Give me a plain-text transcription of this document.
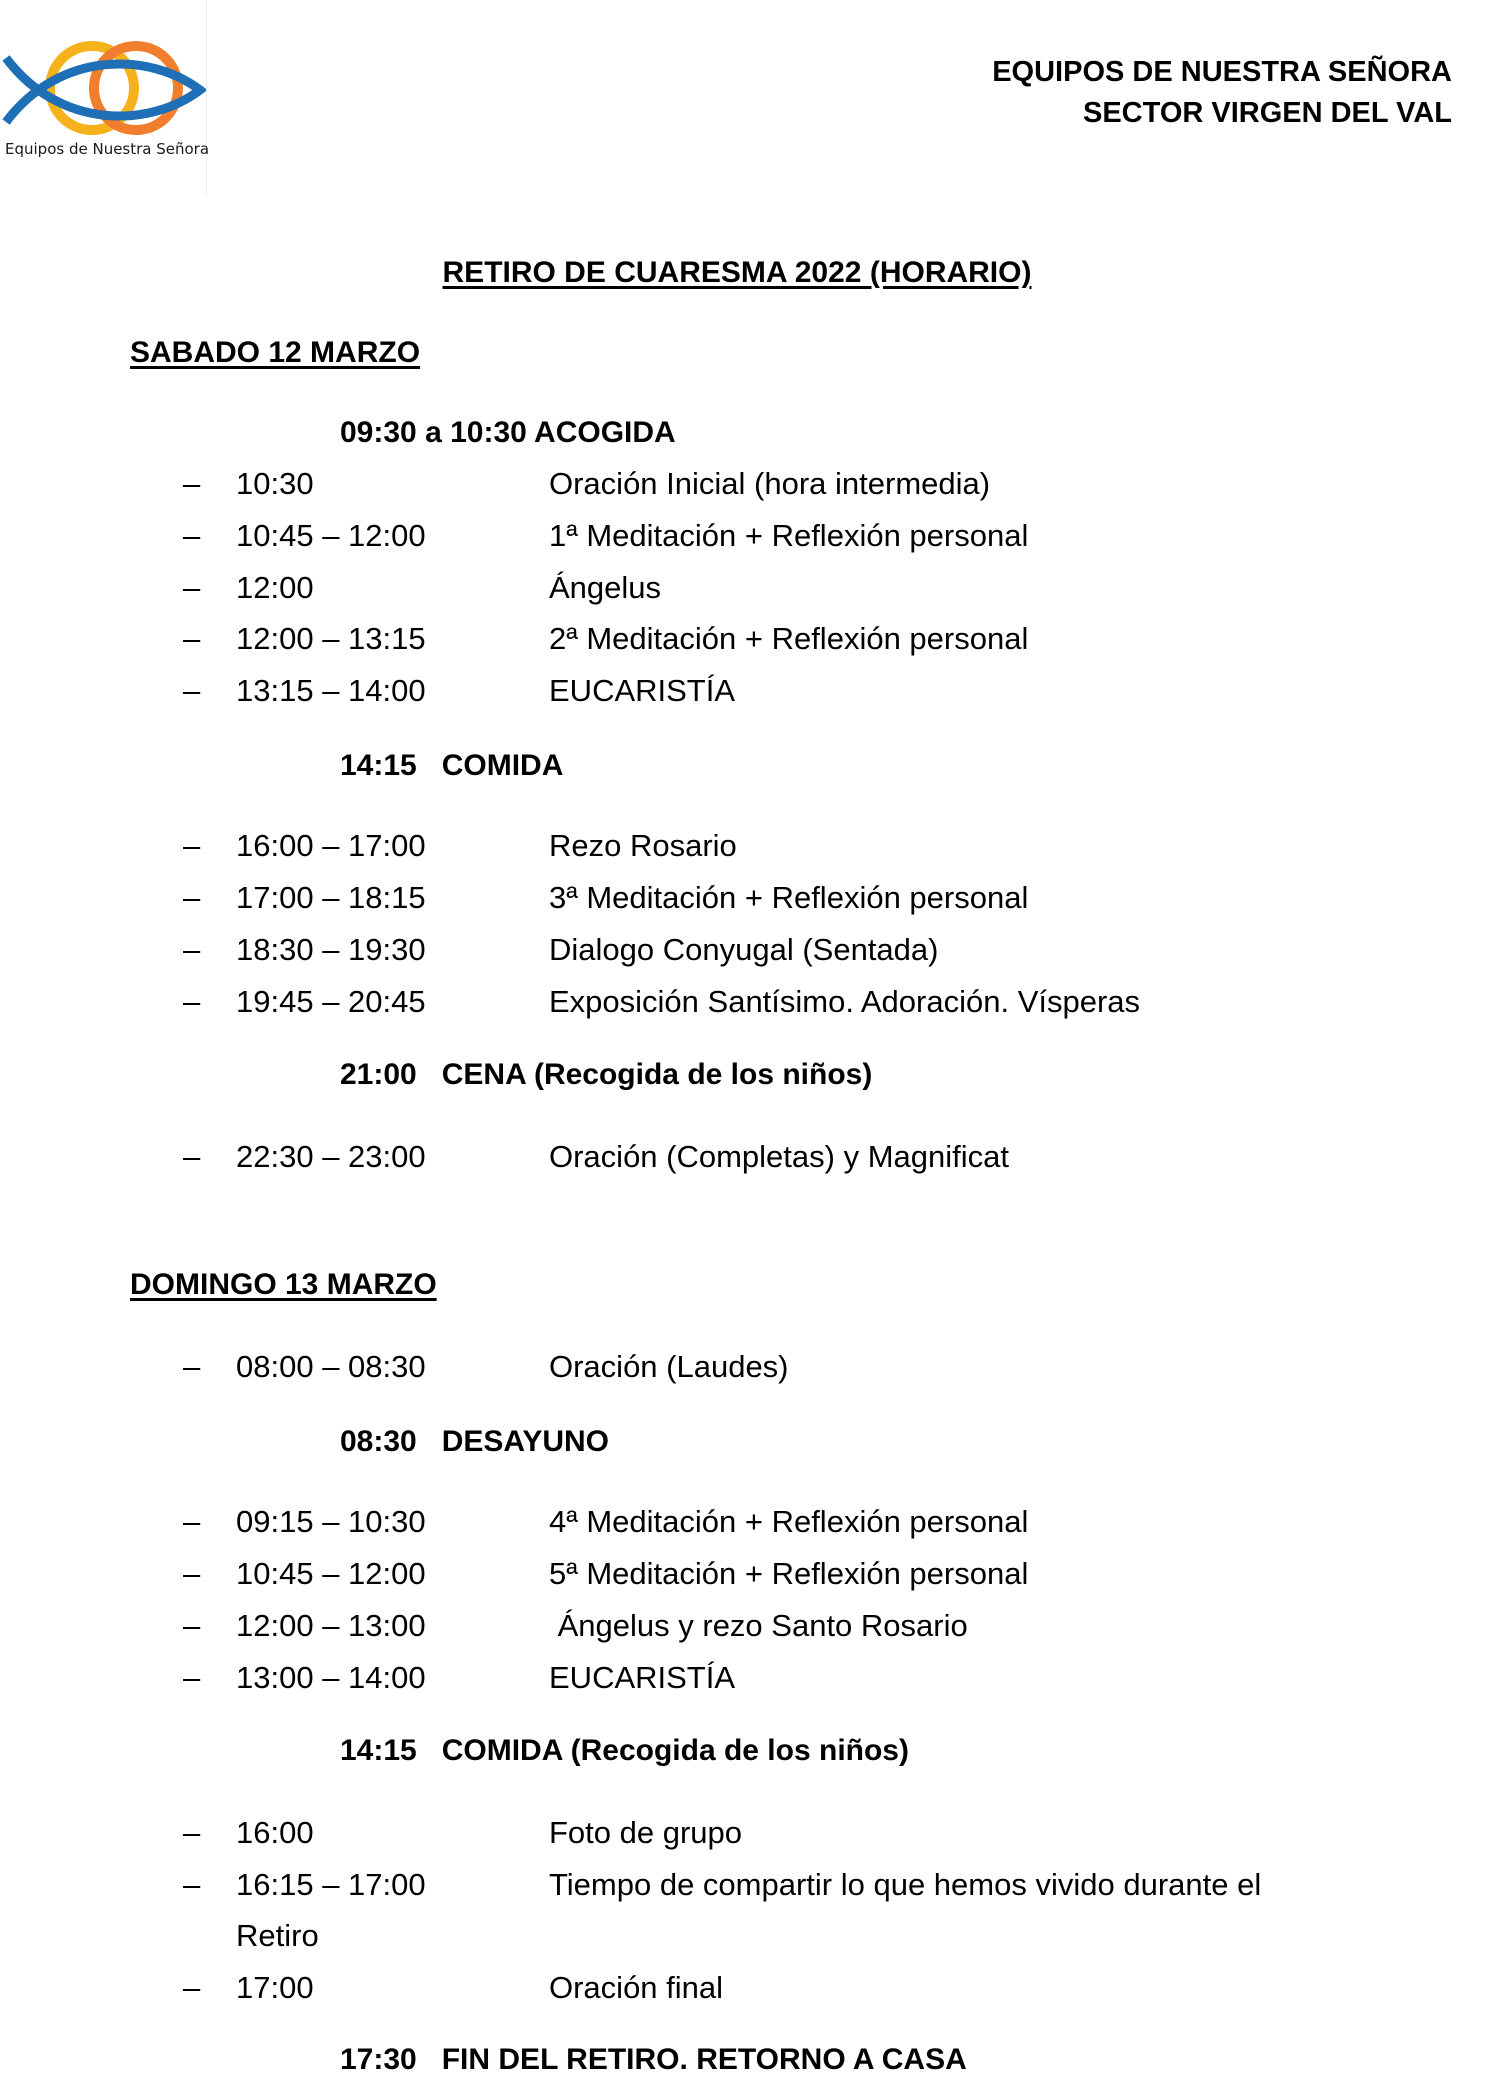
Equipos de Nuestra Señora
EQUIPOS DE NUESTRA SEÑORA
SECTOR VIRGEN DEL VAL
RETIRO DE CUARESMA 2022 (HORARIO)
SABADO 12 MARZO
09:30 a 10:30 ACOGIDA
– 10:30	Oración Inicial (hora intermedia)
– 10:45 – 12:00	1ª Meditación + Reflexión personal
– 12:00	Ángelus
– 12:00 – 13:15	2ª Meditación + Reflexión personal
– 13:15 – 14:00	EUCARISTÍA
14:15   COMIDA
– 16:00 – 17:00	Rezo Rosario
– 17:00 – 18:15	3ª Meditación + Reflexión personal
– 18:30 – 19:30	Dialogo Conyugal (Sentada)
– 19:45 – 20:45	Exposición Santísimo. Adoración. Vísperas
21:00   CENA (Recogida de los niños)
– 22:30 – 23:00	Oración (Completas) y Magnificat
DOMINGO 13 MARZO
– 08:00 – 08:30	Oración (Laudes)
08:30   DESAYUNO
– 09:15 – 10:30	4ª Meditación + Reflexión personal
– 10:45 – 12:00	5ª Meditación + Reflexión personal
– 12:00 – 13:00	Ángelus y rezo Santo Rosario
– 13:00 – 14:00	EUCARISTÍA
14:15   COMIDA (Recogida de los niños)
– 16:00	Foto de grupo
– 16:15 – 17:00	Tiempo de compartir lo que hemos vivido durante el
Retiro
– 17:00	Oración final
17:30   FIN DEL RETIRO. RETORNO A CASA
